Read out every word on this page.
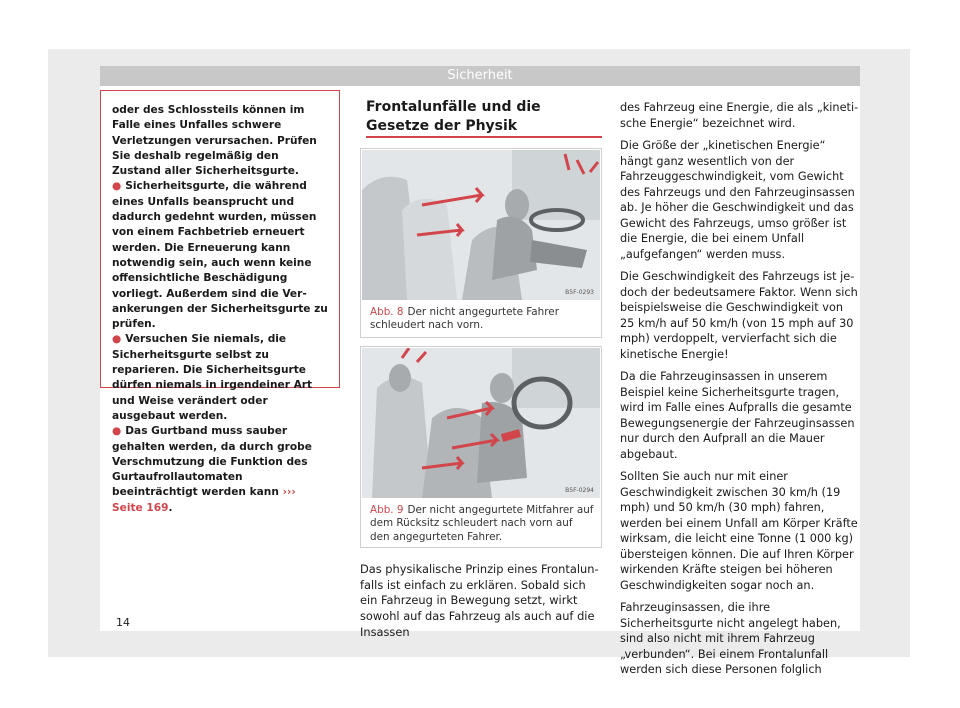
Sicherheit

oder des Schlossteils können im Falle eines Unfalles schwere Verletzungen verursachen. Prüfen Sie deshalb regelmäßig den Zustand aller Sicherheitsgurte.

● Sicherheitsgurte, die während eines Unfalls beansprucht und dadurch gedehnt wurden, müssen von einem Fachbetrieb erneuert werden. Die Erneuerung kann notwendig sein, auch wenn keine offensichtliche Beschädigung vorliegt. Außerdem sind die Verankerungen der Sicherheitsgurte zu prüfen.

● Versuchen Sie niemals, die Sicherheitsgurte selbst zu reparieren. Die Sicherheitsgurte dürfen niemals in irgendeiner Art und Weise verändert oder ausgebaut werden.

● Das Gurtband muss sauber gehalten werden, da durch grobe Verschmutzung die Funktion des Gurtaufrollautomaten beeinträchtigt werden kann ››› Seite 169.

Frontalunfälle und die Gesetze der Physik
B5F-0293
Abb. 8 Der nicht angegurtete Fahrer schleudert nach vorn.
B5F-0294
Abb. 9 Der nicht angegurtete Mitfahrer auf dem Rücksitz schleudert nach vorn auf den angegurteten Fahrer.
Das physikalische Prinzip eines Frontalunfalls ist einfach zu erklären. Sobald sich ein Fahrzeug in Bewegung setzt, wirkt sowohl auf das Fahrzeug als auch auf die Insassen

des Fahrzeug eine Energie, die als „kinetische Energie“ bezeichnet wird.

Die Größe der „kinetischen Energie“ hängt ganz wesentlich von der Fahrzeuggeschwindigkeit, vom Gewicht des Fahrzeugs und den Fahrzeuginsassen ab. Je höher die Geschwindigkeit und das Gewicht des Fahrzeugs, umso größer ist die Energie, die bei einem Unfall „aufgefangen“ werden muss.

Die Geschwindigkeit des Fahrzeugs ist jedoch der bedeutsamere Faktor. Wenn sich beispielsweise die Geschwindigkeit von 25 km/h auf 50 km/h (von 15 mph auf 30 mph) verdoppelt, vervierfacht sich die kinetische Energie!

Da die Fahrzeuginsassen in unserem Beispiel keine Sicherheitsgurte tragen, wird im Falle eines Aufpralls die gesamte Bewegungsenergie der Fahrzeuginsassen nur durch den Aufprall an die Mauer abgebaut.

Sollten Sie auch nur mit einer Geschwindigkeit zwischen 30 km/h (19 mph) und 50 km/h (30 mph) fahren, werden bei einem Unfall am Körper Kräfte wirksam, die leicht eine Tonne (1 000 kg) übersteigen können. Die auf Ihren Körper wirkenden Kräfte steigen bei höheren Geschwindigkeiten sogar noch an.

Fahrzeuginsassen, die ihre Sicherheitsgurte nicht angelegt haben, sind also nicht mit ihrem Fahrzeug „verbunden“. Bei einem Frontalunfall werden sich diese Personen folglich

14
